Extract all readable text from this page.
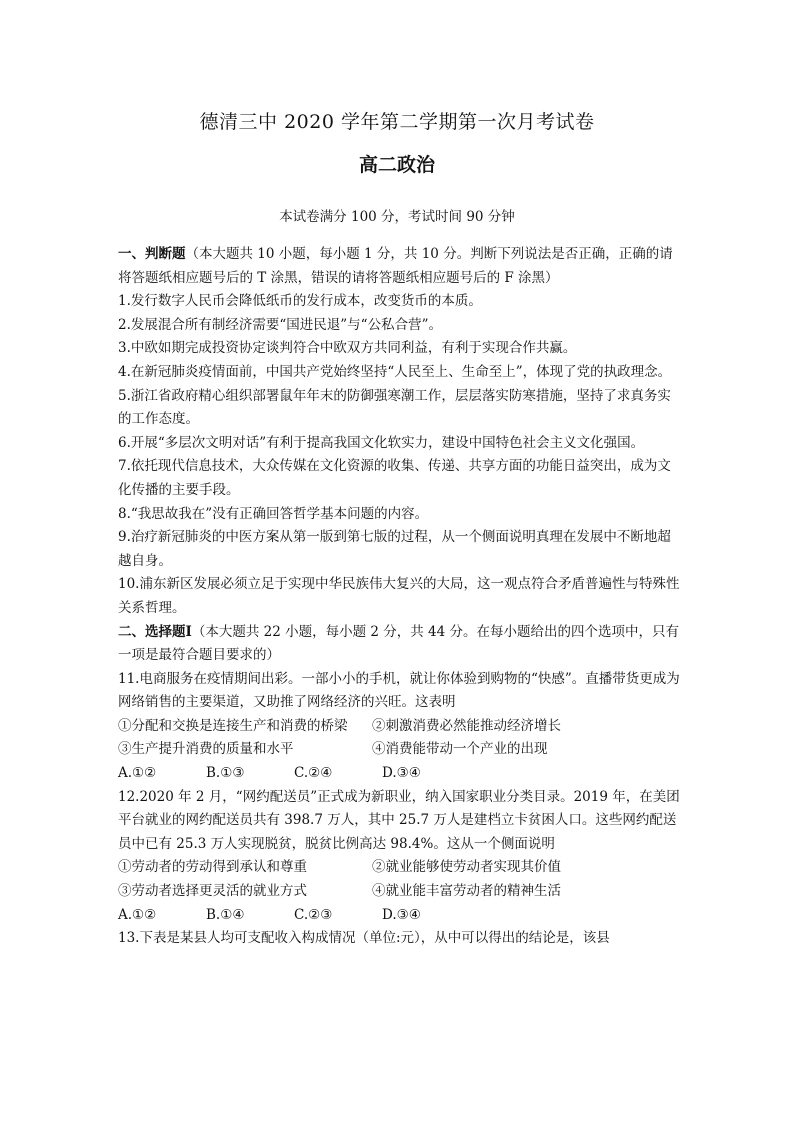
德清三中 2020 学年第二学期第一次月考试卷
高二政治
本试卷满分 100 分，考试时间 90 分钟

一、判断题（本大题共 10 小题，每小题 1 分，共 10 分。判断下列说法是否正确，正确的请将答题纸相应题号后的 T 涂黑，错误的请将答题纸相应题号后的 F 涂黑）

1.发行数字人民币会降低纸币的发行成本，改变货币的本质。

2.发展混合所有制经济需要“国进民退”与“公私合营”。

3.中欧如期完成投资协定谈判符合中欧双方共同利益，有利于实现合作共赢。

4.在新冠肺炎疫情面前，中国共产党始终坚持“人民至上、生命至上”，体现了党的执政理念。

5.浙江省政府精心组织部署鼠年年末的防御强寒潮工作，层层落实防寒措施，坚持了求真务实的工作态度。

6.开展“多层次文明对话”有利于提高我国文化软实力，建设中国特色社会主义文化强国。

7.依托现代信息技术，大众传媒在文化资源的收集、传递、共享方面的功能日益突出，成为文化传播的主要手段。

8.“我思故我在”没有正确回答哲学基本问题的内容。

9.治疗新冠肺炎的中医方案从第一版到第七版的过程，从一个侧面说明真理在发展中不断地超越自身。

10.浦东新区发展必须立足于实现中华民族伟大复兴的大局，这一观点符合矛盾普遍性与特殊性关系哲理。

二、选择题Ⅰ（本大题共 22 小题，每小题 2 分，共 44 分。在每小题给出的四个选项中，只有一项是最符合题目要求的）

11.电商服务在疫情期间出彩。一部小小的手机，就让你体验到购物的“快感”。直播带货更成为网络销售的主要渠道，又助推了网络经济的兴旺。这表明

①分配和交换是连接生产和消费的桥梁	②刺激消费必然能推动经济增长
③生产提升消费的质量和水平	④消费能带动一个产业的出现
A.①②	B.①③	C.②④	D.③④

12.2020 年 2 月，“网约配送员”正式成为新职业，纳入国家职业分类目录。2019 年，在美团平台就业的网约配送员共有 398.7 万人，其中 25.7 万人是建档立卡贫困人口。这些网约配送员中已有 25.3 万人实现脱贫，脱贫比例高达 98.4%。这从一个侧面说明

①劳动者的劳动得到承认和尊重	②就业能够使劳动者实现其价值
③劳动者选择更灵活的就业方式	④就业能丰富劳动者的精神生活
A.①②	B.①④	C.②③	D.③④

13.下表是某县人均可支配收入构成情况（单位:元），从中可以得出的结论是，该县
